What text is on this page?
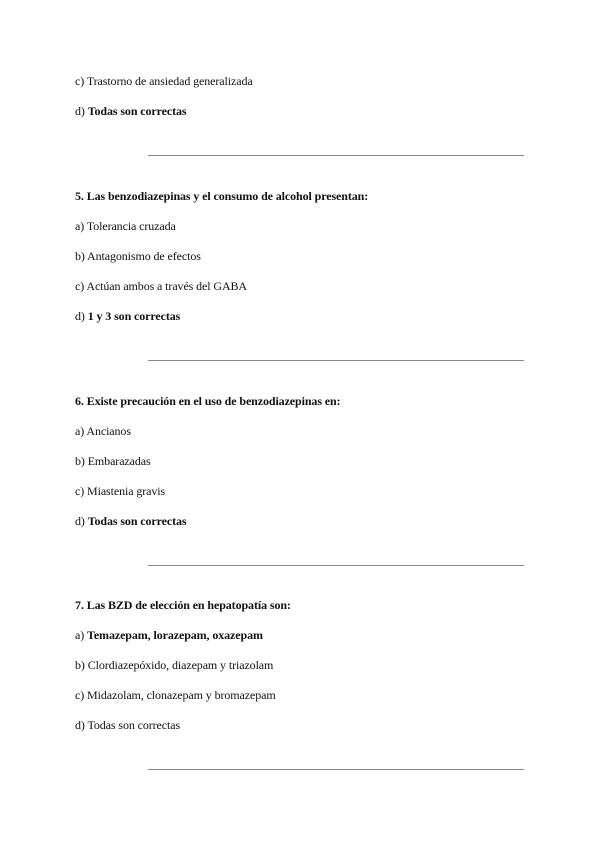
c) Trastorno de ansiedad generalizada
d) Todas son correctas
5. Las benzodiazepinas y el consumo de alcohol presentan:
a) Tolerancia cruzada
b) Antagonismo de efectos
c) Actúan ambos a través del GABA
d) 1 y 3 son correctas
6. Existe precaución en el uso de benzodiazepinas en:
a) Ancianos
b) Embarazadas
c) Miastenia gravis
d) Todas son correctas
7. Las BZD de elección en hepatopatía son:
a) Temazepam, lorazepam, oxazepam
b) Clordiazepóxido, diazepam y triazolam
c) Midazolam, clonazepam y bromazepam
d) Todas son correctas
